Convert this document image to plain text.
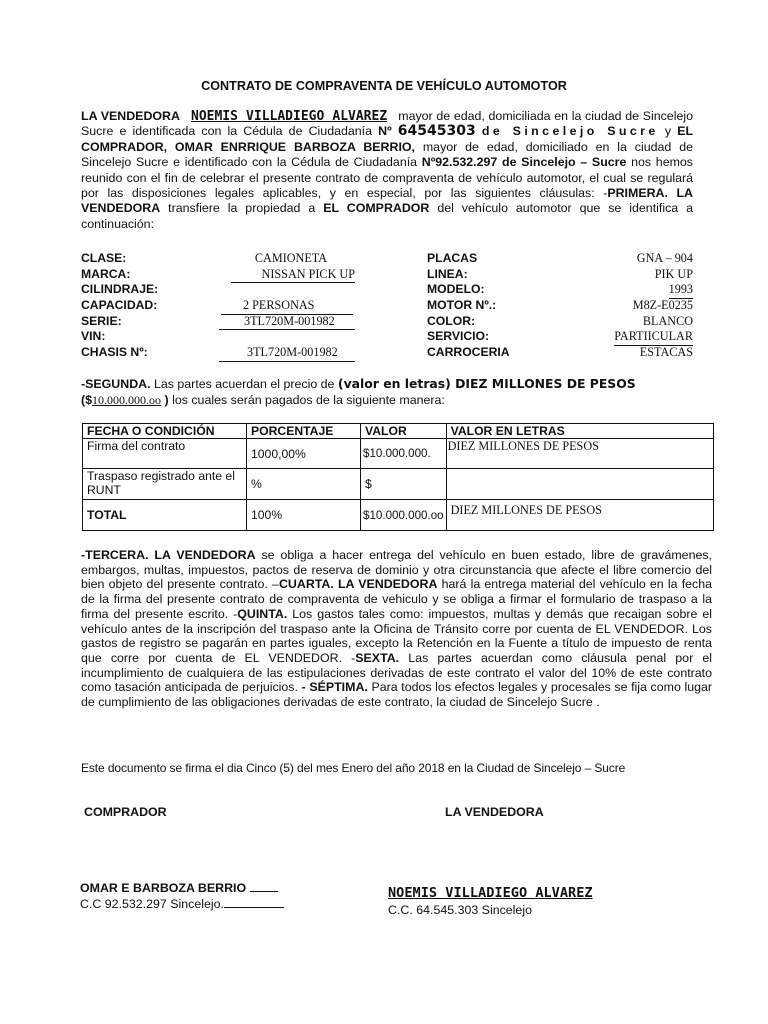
CONTRATO DE COMPRAVENTA DE VEHÍCULO AUTOMOTOR
LA VENDEDORA NOEMIS VILLADIEGO ALVAREZ mayor de edad, domiciliada en la ciudad de Sincelejo Sucre e identificada con la Cédula de Ciudadanía Nº 64545303 de Sincelejo Sucre y EL COMPRADOR, OMAR ENRRIQUE BARBOZA BERRIO, mayor de edad, domiciliado en la ciudad de Sincelejo Sucre e identificado con la Cédula de Ciudadanía Nº92.532.297 de Sincelejo – Sucre nos hemos reunido con el fin de celebrar el presente contrato de compraventa de vehículo automotor, el cual se regulará por las disposiciones legales aplicables, y en especial, por las siguientes cláusulas: -PRIMERA. LA VENDEDORA transfiere la propiedad a EL COMPRADOR del vehículo automotor que se identifica a continuación:
CLASE:	CAMIONETA
MARCA:	NISSAN PICK UP
CILINDRAJE:
CAPACIDAD:	2 PERSONAS
SERIE:	3TL720M-001982
VIN:
CHASIS Nº:	3TL720M-001982
PLACAS	GNA – 904
LINEA:	PIK UP
MODELO:	1993
MOTOR Nº.:	M8Z-E0235
COLOR:	BLANCO
SERVICIO:	PARTIICULAR
CARROCERIA	ESTACAS
-SEGUNDA. Las partes acuerdan el precio de (valor en letras) DIEZ MILLONES DE PESOS
($10.000.000.oo ) los cuales serán pagados de la siguiente manera:
FECHA O CONDICIÓN	PORCENTAJE	VALOR	VALOR EN LETRAS
Firma del contrato	1000,00%	$10.000.000.	DIEZ MILLONES DE PESOS
Traspaso registrado ante el RUNT	%	$	
TOTAL	100%	$10.000.000.oo	DIEZ MILLONES DE PESOS
-TERCERA. LA VENDEDORA se obliga a hacer entrega del vehículo en buen estado, libre de gravámenes, embargos, multas, impuestos, pactos de reserva de dominio y otra circunstancia que afecte el libre comercio del bien objeto del presente contrato. –CUARTA. LA VENDEDORA hará la entrega material del vehículo en la fecha de la firma del presente contrato de compraventa de vehiculo y se obliga a firmar el formulario de traspaso a la firma del presente escrito. -QUINTA. Los gastos tales como: impuestos, multas y demás que recaigan sobre el vehículo antes de la inscripción del traspaso ante la Oficina de Tránsito corre por cuenta de EL VENDEDOR. Los gastos de registro se pagarán en partes iguales, excepto la Retención en la Fuente a título de impuesto de renta que corre por cuenta de EL VENDEDOR. -SEXTA. Las partes acuerdan como cláusula penal por el incumplimiento de cualquiera de las estipulaciones derivadas de este contrato el valor del 10% de este contrato como tasación anticipada de perjuicios. - SÉPTIMA. Para todos los efectos legales y procesales se fija como lugar de cumplimiento de las obligaciones derivadas de este contrato, la ciudad de Sincelejo Sucre .
Este documento se firma el dia Cinco (5) del mes Enero del año 2018 en la Ciudad de Sincelejo – Sucre
COMPRADOR	LA VENDEDORA
OMAR E BARBOZA BERRIO
C.C 92.532.297 Sincelejo.
NOEMIS VILLADIEGO ALVAREZ
C.C. 64.545.303 Sincelejo
